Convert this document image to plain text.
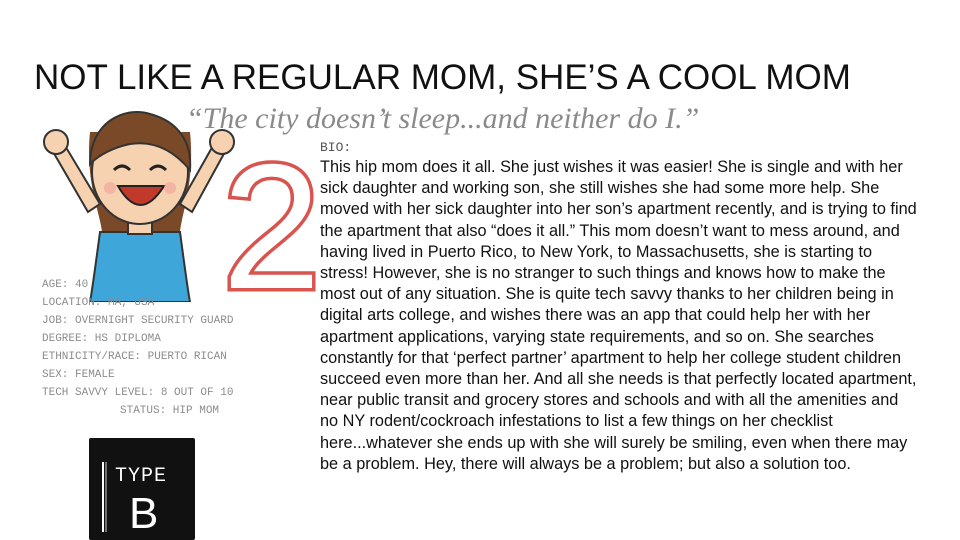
NOT LIKE A REGULAR MOM, SHE’S A COOL MOM
“The city doesn’t sleep...and neither do I.”
2
AGE: 40
LOCATION: MA, USA
JOB: OVERNIGHT SECURITY GUARD
DEGREE: HS DIPLOMA
ETHNICITY/RACE: PUERTO RICAN
SEX: FEMALE
TECH SAVVY LEVEL: 8 OUT OF 10
STATUS: HIP MOM
BIO:
This hip mom does it all. She just wishes it was easier! She is single and with her sick daughter and working son, she still wishes she had some more help. She moved with her sick daughter into her son’s apartment recently, and is trying to find the apartment that also “does it all.” This mom doesn’t want to mess around, and having lived in Puerto Rico, to New York, to Massachusetts, she is starting to stress! However, she is no stranger to such things and knows how to make the most out of any situation. She is quite tech savvy thanks to her children being in digital arts college, and wishes there was an app that could help her with her apartment applications, varying state requirements, and so on. She searches constantly for that ‘perfect partner’ apartment to help her college student children succeed even more than her. And all she needs is that perfectly located apartment, near public transit and grocery stores and schools and with all the amenities and no NY rodent/cockroach infestations to list a few things on her checklist here...whatever she ends up with she will surely be smiling, even when there may be a problem. Hey, there will always be a problem; but also a solution too.
TYPE
B
